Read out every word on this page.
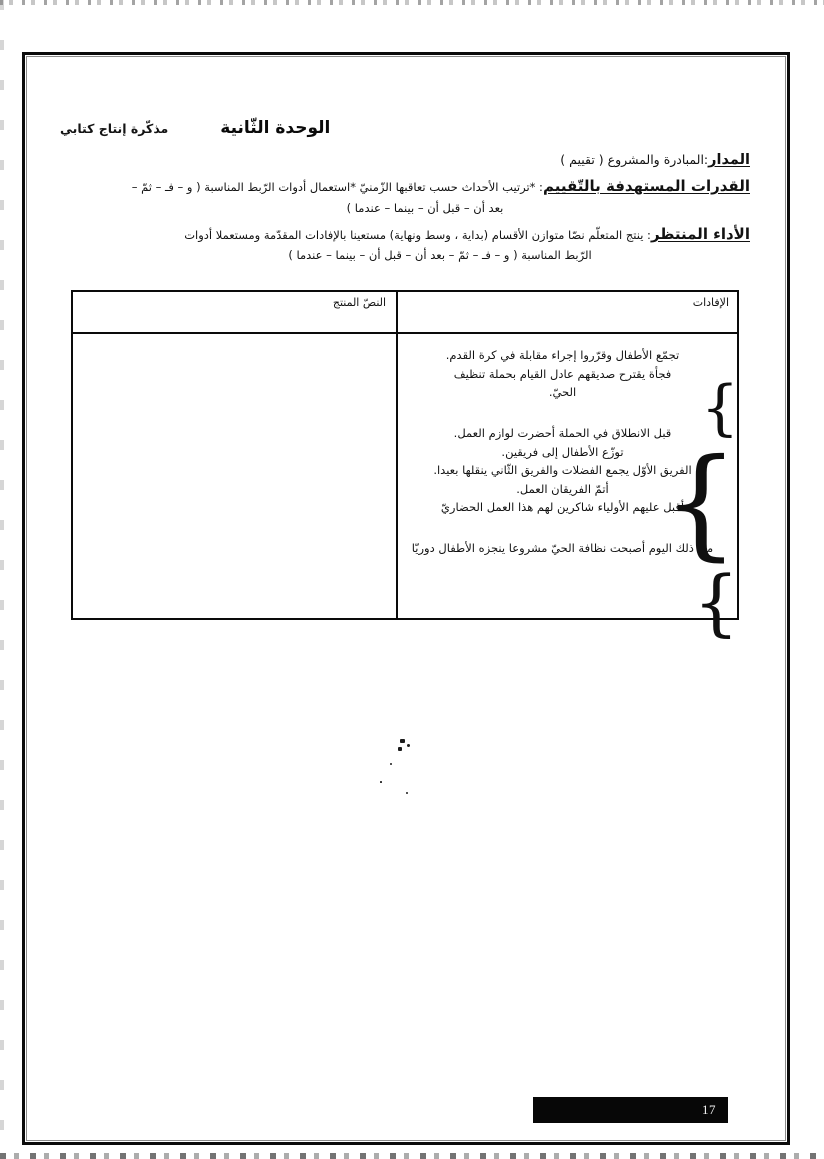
الوحدة الثّانية
مذكّرة إنتاج كتابي
المدار:المبادرة والمشروع ( تقييم )
القدرات المستهدفة بالتّقييم: *ترتيب الأحداث حسب تعاقبها الزّمنيّ *استعمال أدوات الرّبط المناسبة ( و – فـ – ثمّ –
بعد أن – قبل أن – بينما – عندما )
الأداء المنتظر: ينتج المتعلّم نصّا متوازن الأقسام (بداية ، وسط ونهاية) مستعينا بالإفادات المقدّمة ومستعملا أدوات
الرّبط المناسبة ( و – فـ – ثمّ – بعد أن – قبل أن – بينما – عندما )
الإفادات
النصّ المنتج
}

تجمّع الأطفال وقرّروا إجراء مقابلة في كرة القدم.

فجأة يقترح صديقهم عادل القيام بحملة تنظيف

الحيّ.

}

قبل الانطلاق في الحملة أحضرت لوازم العمل.

توزّع الأطفال إلى فريقين.

الفريق الأوّل يجمع الفضلات والفريق الثّاني ينقلها بعيدا.

أتمّ الفريقان العمل.

أقبل عليهم الأولياء شاكرين لهم هذا العمل الحضاريّ

}

منذ ذلك اليوم أصبحت نظافة الحيّ مشروعا ينجزه الأطفال دوريّا

17
